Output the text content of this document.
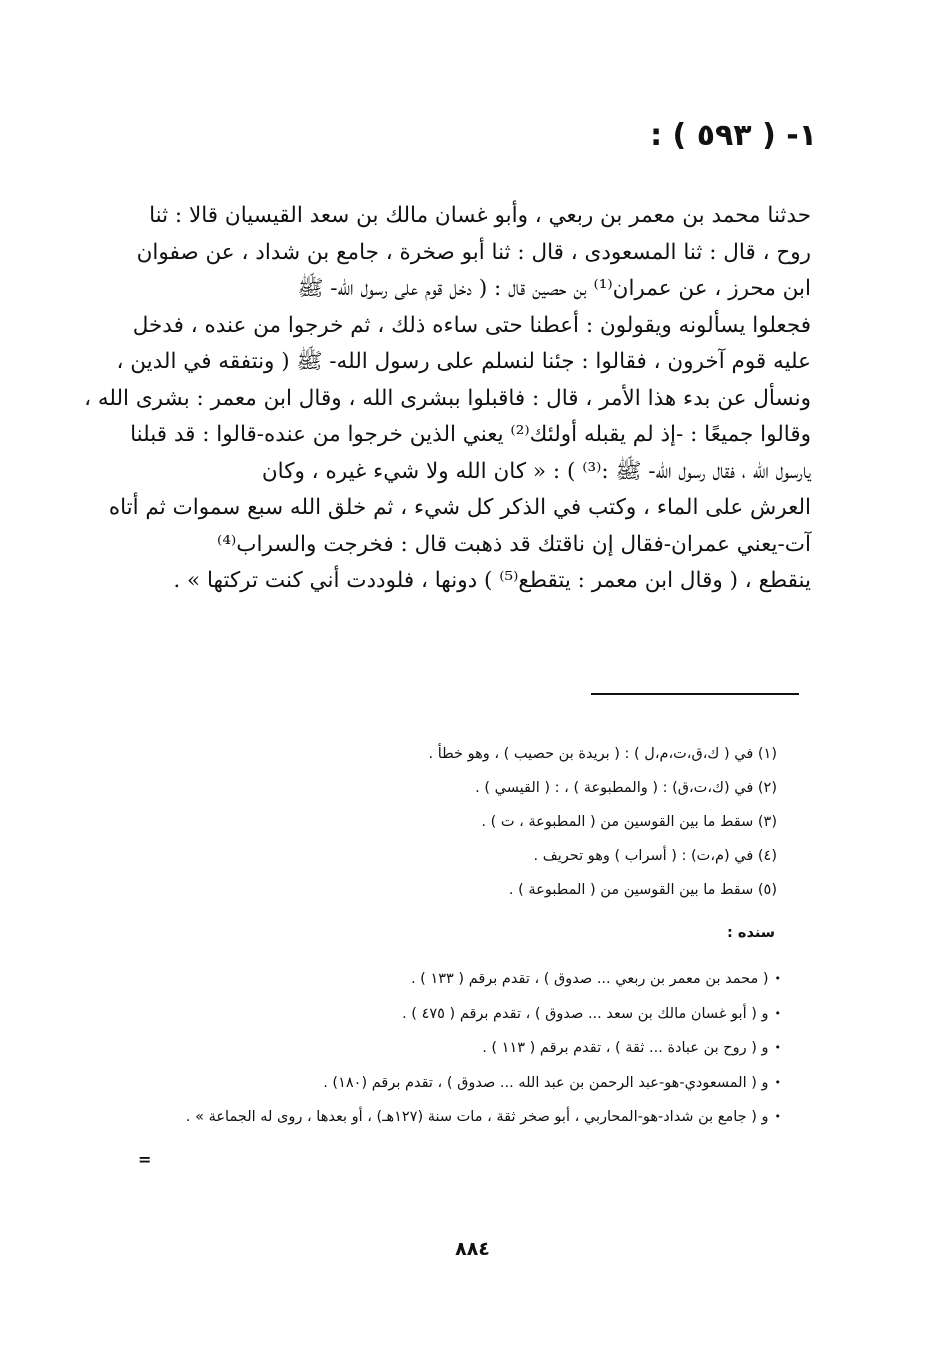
١- ( ٥٩٣ ) :

حدثنا محمد بن معمر بن ربعي ، وأبو غسان مالك بن سعد القيسيان قالا : ثنا
روح ، قال : ثنا المسعودى ، قال : ثنا أبو صخرة ، جامع بن شداد ، عن صفوان
ابن محرز ، عن عمران⁽¹⁾ بن حصين قال : ( دخل قوم على رسول الله- ﷺ
فجعلوا يسألونه ويقولون : أعطنا حتى ساءه ذلك ، ثم خرجوا من عنده ، فدخل
عليه قوم آخرون ، فقالوا : جئنا لنسلم على رسول الله- ﷺ ( ونتفقه في الدين ،
ونسأل عن بدء هذا الأمر ، قال : فاقبلوا ببشرى الله ، وقال ابن معمر : بشرى الله ،
وقالوا جميعًا : -إذ لم يقبله أولئك⁽²⁾ يعني الذين خرجوا من عنده-قالوا : قد قبلنا
يارسول الله ، فقال رسول الله- ﷺ :⁽³⁾ ) : « كان الله ولا شيء غيره ، وكان
العرش على الماء ، وكتب في الذكر كل شيء ، ثم خلق الله سبع سموات ثم أتاه
آت-يعني عمران-فقال إن ناقتك قد ذهبت قال : فخرجت والسراب⁽⁴⁾
ينقطع ، ( وقال ابن معمر : يتقطع⁽⁵⁾ ) دونها ، فلوددت أني كنت تركتها » .

(١) في ( ك،ق،ت،م،ل ) : ( بريدة بن حصيب ) ، وهو خطأ .
(٢) في (ك،ت،ق) : ( والمطبوعة ) ، : ( القيسي ) .
(٣) سقط ما بين القوسين من ( المطبوعة ، ت ) .
(٤) في (م،ت) : ( أسراب ) وهو تحريف .
(٥) سقط ما بين القوسين من ( المطبوعة ) .
سنده :
•( محمد بن معمر بن ربعي ... صدوق ) ، تقدم برقم ( ١٣٣ ) .
•و ( أبو غسان مالك بن سعد ... صدوق ) ، تقدم برقم ( ٤٧٥ ) .
•و ( روح بن عبادة ... ثقة ) ، تقدم برقم ( ١١٣ ) .
•و ( المسعودي-هو-عبد الرحمن بن عبد الله ... صدوق ) ، تقدم برقم (١٨٠) .
•و ( جامع بن شداد-هو-المحاربي ، أبو صخر ثقة ، مات سنة (١٢٧هـ) ، أو بعدها ، روى له الجماعة » .
=
٨٨٤
